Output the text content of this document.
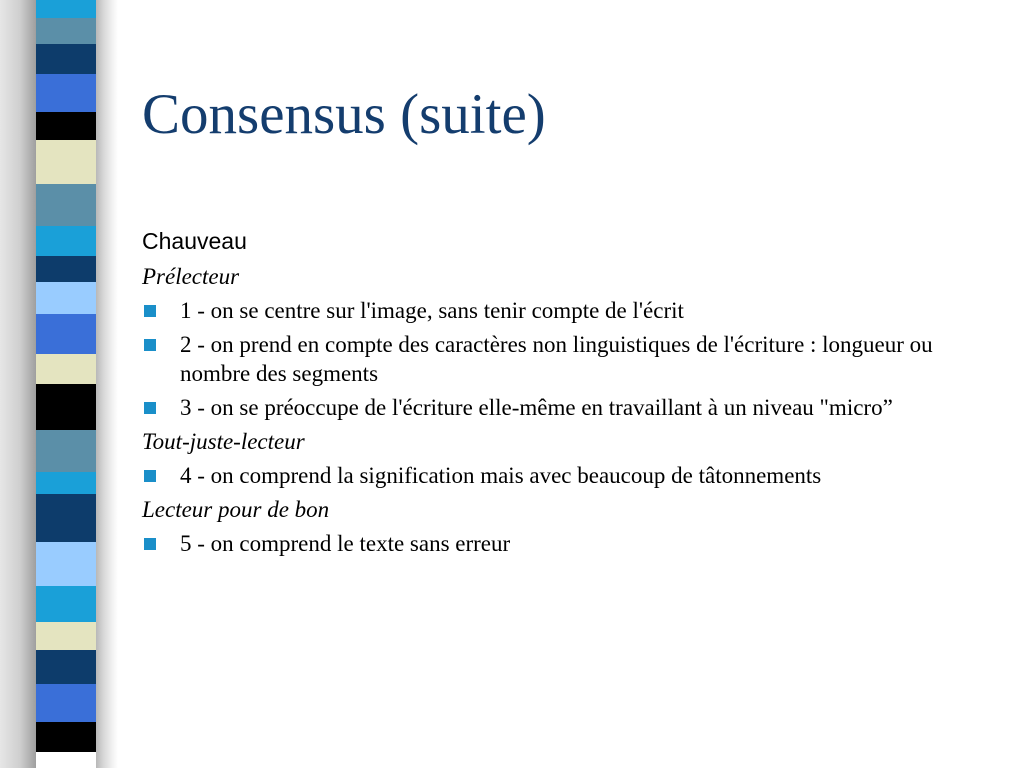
Consensus (suite)
Chauveau
Prélecteur
1 - on se centre sur l'image, sans tenir compte de l'écrit
2 - on prend en compte des caractères non linguistiques de l'écriture : longueur ou nombre des segments
3 - on se préoccupe de l'écriture elle-même en travaillant à un niveau "micro”
Tout-juste-lecteur
4 - on comprend la signification mais avec beaucoup de tâtonnements
Lecteur pour de bon
5 - on comprend le texte sans erreur
